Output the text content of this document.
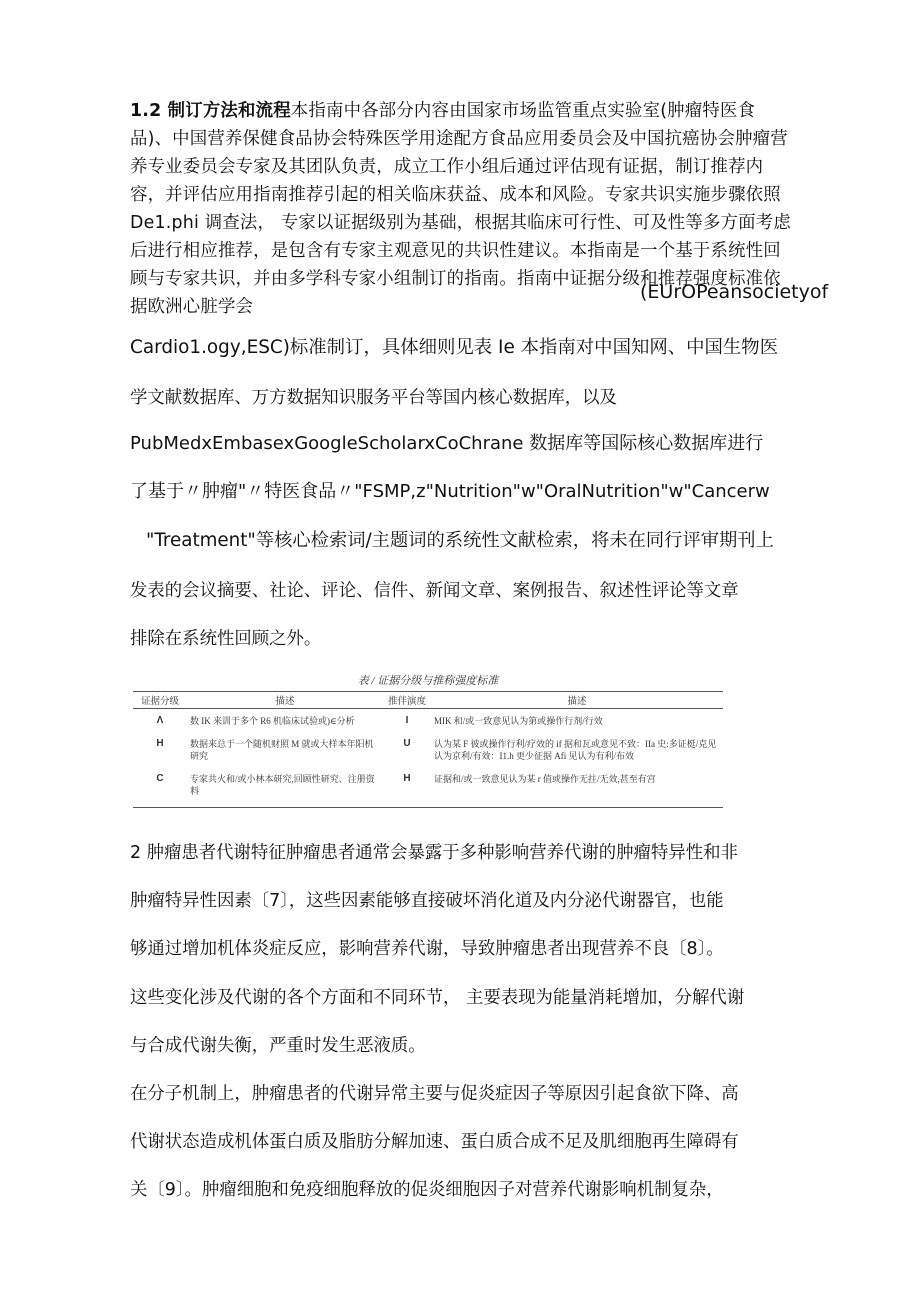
1.2 制订方法和流程本指南中各部分内容由国家市场监管重点实验室(肿瘤特医食品)、中国营养保健食品协会特殊医学用途配方食品应用委员会及中国抗癌协会肿瘤营养专业委员会专家及其团队负责，成立工作小组后通过评估现有证据，制订推荐内容，并评估应用指南推荐引起的相关临床获益、成本和风险。专家共识实施步骤依照 De1.phi 调查法， 专家以证据级别为基础，根据其临床可行性、可及性等多方面考虑后进行相应推荐，是包含有专家主观意见的共识性建议。本指南是一个基于系统性回顾与专家共识，并由多学科专家小组制订的指南。指南中证据分级和推荐强度标准依据欧洲心脏学会

(EUrOPeansocietyof

Cardio1.ogy,ESC)标准制订，具体细则见表 Ie 本指南对中国知网、中国生物医

学文献数据库、万方数据知识服务平台等国内核心数据库，以及

PubMedxEmbasexGoogleScholarxCoChrane 数据库等国际核心数据库进行

了基于〃肿瘤"〃特医食品〃"FSMP,z"Nutrition"w"OralNutrition"w"Cancerw

"Treatment"等核心检索词/主题词的系统性文献检索，将未在同行评审期刊上

发表的会议摘要、社论、评论、信件、新闻文章、案例报告、叙述性评论等文章

排除在系统性回顾之外。

表 / 证据分级与推称强度标准
证据分级	描述	推伴演度	描述
Λ	数 IK 来训于多个 R6 机临床试验或)∈分析	I	MIK 和/或一致意见认为第或操作行剂/行效
H	数据来总于一个随机财照 M 就或大样本年阳机研究	U	认为某 F 彼或操作行利/疗效的 if 据和瓦或意见不致：IIa 史:多证梃/克见认为京利/有效：I1.h 更少征据 Afi 见认为有利/布效
C	专家共火和/或小林本研究,回顾性研究、注册资料	H	证据和/或一致意见认为某 r 值或操作无拄/无效,甚至有宫

2 肿瘤患者代谢特征肿瘤患者通常会暴露于多种影响营养代谢的肿瘤特异性和非

肿瘤特异性因素〔7〕，这些因素能够直接破坏消化道及内分泌代谢器官，也能

够通过增加机体炎症反应，影响营养代谢，导致肿瘤患者出现营养不良〔8〕。

这些变化涉及代谢的各个方面和不同环节， 主要表现为能量消耗增加，分解代谢

与合成代谢失衡，严重时发生恶液质。

在分子机制上，肿瘤患者的代谢异常主要与促炎症因子等原因引起食欲下降、高

代谢状态造成机体蛋白质及脂肪分解加速、蛋白质合成不足及肌细胞再生障碍有

关〔9〕。肿瘤细胞和免疫细胞释放的促炎细胞因子对营养代谢影响机制复杂，
